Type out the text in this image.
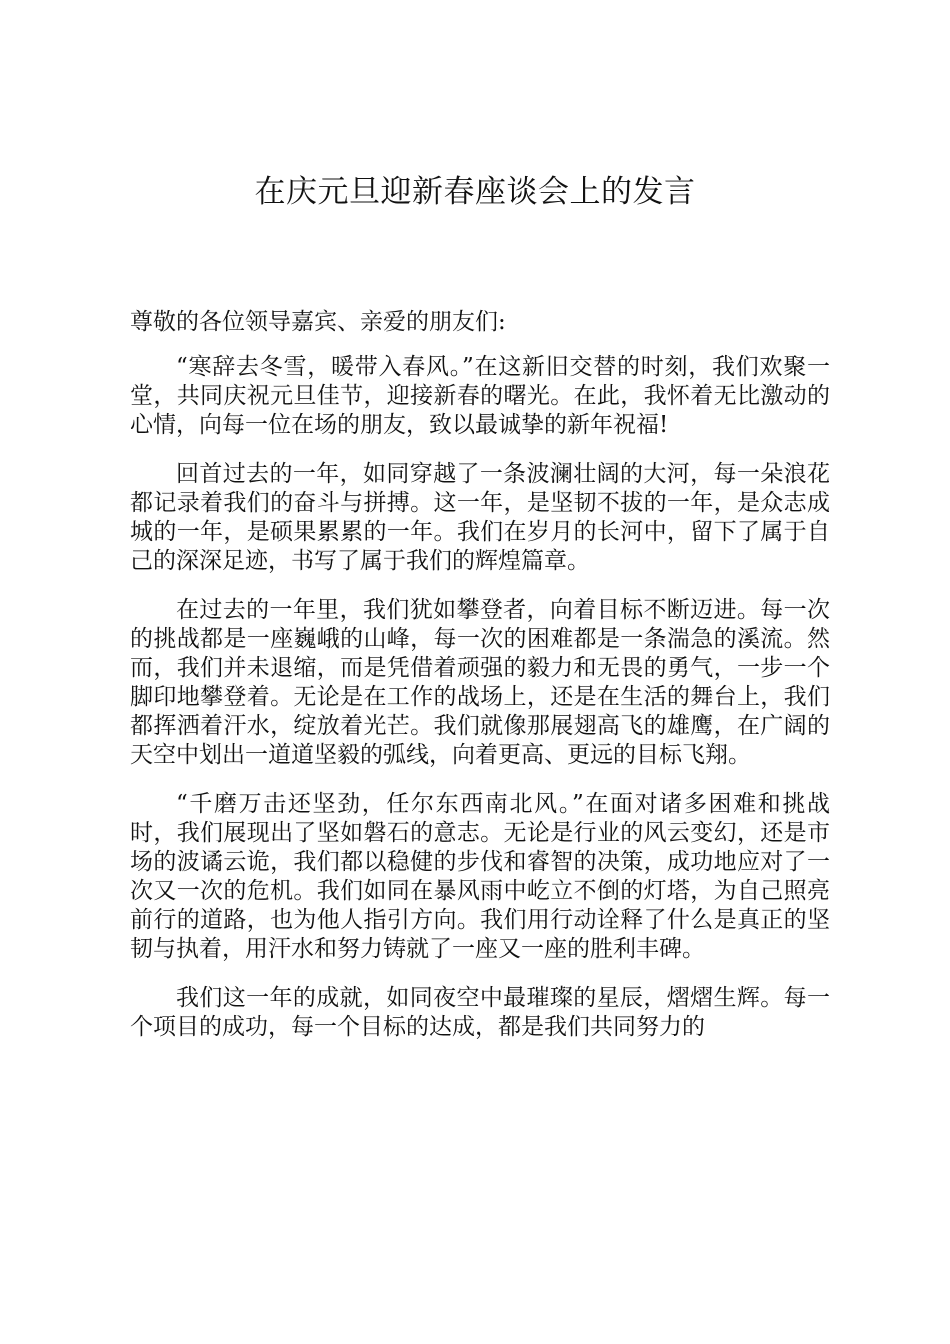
在庆元旦迎新春座谈会上的发言

尊敬的各位领导嘉宾、亲爱的朋友们:

“寒辞去冬雪，暖带入春风。”在这新旧交替的时刻，我们欢聚一堂，共同庆祝元旦佳节，迎接新春的曙光。在此，我怀着无比激动的心情，向每一位在场的朋友，致以最诚挚的新年祝福!

回首过去的一年，如同穿越了一条波澜壮阔的大河，每一朵浪花都记录着我们的奋斗与拼搏。这一年，是坚韧不拔的一年，是众志成城的一年，是硕果累累的一年。我们在岁月的长河中，留下了属于自己的深深足迹，书写了属于我们的辉煌篇章。

在过去的一年里，我们犹如攀登者，向着目标不断迈进。每一次的挑战都是一座巍峨的山峰，每一次的困难都是一条湍急的溪流。然而，我们并未退缩，而是凭借着顽强的毅力和无畏的勇气，一步一个脚印地攀登着。无论是在工作的战场上，还是在生活的舞台上，我们都挥洒着汗水，绽放着光芒。我们就像那展翅高飞的雄鹰，在广阔的天空中划出一道道坚毅的弧线，向着更高、更远的目标飞翔。

“千磨万击还坚劲，任尔东西南北风。”在面对诸多困难和挑战时，我们展现出了坚如磐石的意志。无论是行业的风云变幻，还是市场的波谲云诡，我们都以稳健的步伐和睿智的决策，成功地应对了一次又一次的危机。我们如同在暴风雨中屹立不倒的灯塔，为自己照亮前行的道路，也为他人指引方向。我们用行动诠释了什么是真正的坚韧与执着，用汗水和努力铸就了一座又一座的胜利丰碑。

我们这一年的成就，如同夜空中最璀璨的星辰，熠熠生辉。每一个项目的成功，每一个目标的达成，都是我们共同努力的
